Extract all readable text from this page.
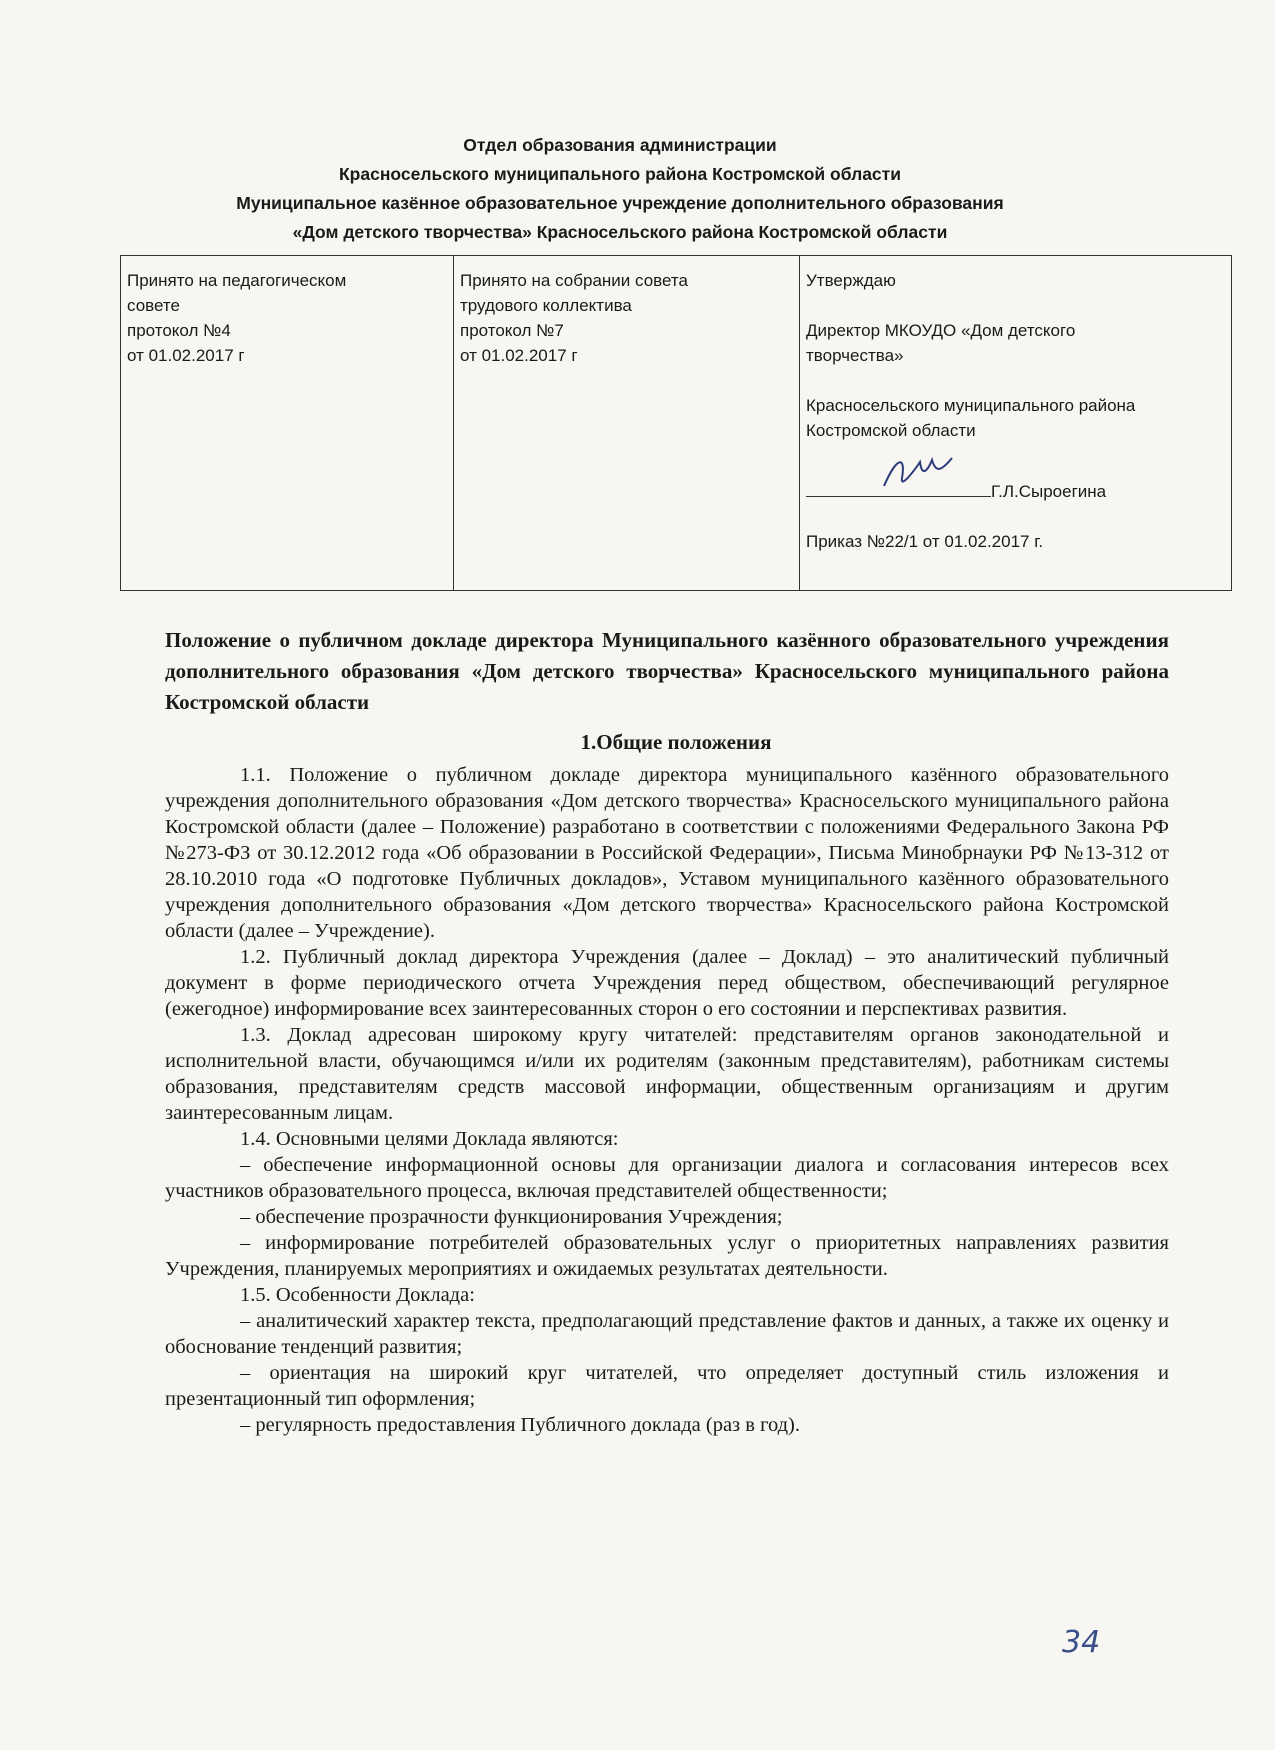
Отдел образования администрации
Красносельского муниципального района Костромской области
Муниципальное казённое образовательное учреждение дополнительного образования
«Дом детского творчества» Красносельского района Костромской области
Принято на педагогическом
совете
протокол №4
от 01.02.2017 г

Принято на собрании совета
трудового коллектива
протокол №7
от 01.02.2017 г

Утверждаю
Директор МКОУДО «Дом детского
творчества»
Красносельского муниципального района
Костромской области
Г.Л.Сыроегина
Приказ №22/1 от 01.02.2017 г.
Положение о публичном докладе директора Муниципального казённого образовательного учреждения дополнительного образования «Дом детского творчества» Красносельского муниципального района Костромской области
1.Общие положения

1.1. Положение о публичном докладе директора муниципального казённого образовательного учреждения дополнительного образования «Дом детского творчества» Красносельского муниципального района Костромской области (далее – Положение) разработано в соответствии с положениями Федерального Закона РФ №273-ФЗ от 30.12.2012 года «Об образовании в Российской Федерации», Письма Минобрнауки РФ №13-312 от 28.10.2010 года «О подготовке Публичных докладов», Уставом муниципального казённого образовательного учреждения дополнительного образования «Дом детского творчества» Красносельского района Костромской области (далее – Учреждение).

1.2. Публичный доклад директора Учреждения (далее – Доклад) – это аналитический публичный документ в форме периодического отчета Учреждения перед обществом, обеспечивающий регулярное (ежегодное) информирование всех заинтересованных сторон о его состоянии и перспективах развития.

1.3. Доклад адресован широкому кругу читателей: представителям органов законодательной и исполнительной власти, обучающимся и/или их родителям (законным представителям), работникам системы образования, представителям средств массовой информации, общественным организациям и другим заинтересованным лицам.

1.4. Основными целями Доклада являются:

– обеспечение информационной основы для организации диалога и согласования интересов всех участников образовательного процесса, включая представителей общественности;

– обеспечение прозрачности функционирования Учреждения;

– информирование потребителей образовательных услуг о приоритетных направлениях развития Учреждения, планируемых мероприятиях и ожидаемых результатах деятельности.

1.5. Особенности Доклада:

– аналитический характер текста, предполагающий представление фактов и данных, а также их оценку и обоснование тенденций развития;

– ориентация на широкий круг читателей, что определяет доступный стиль изложения и презентационный тип оформления;

– регулярность предоставления Публичного доклада (раз в год).

34
